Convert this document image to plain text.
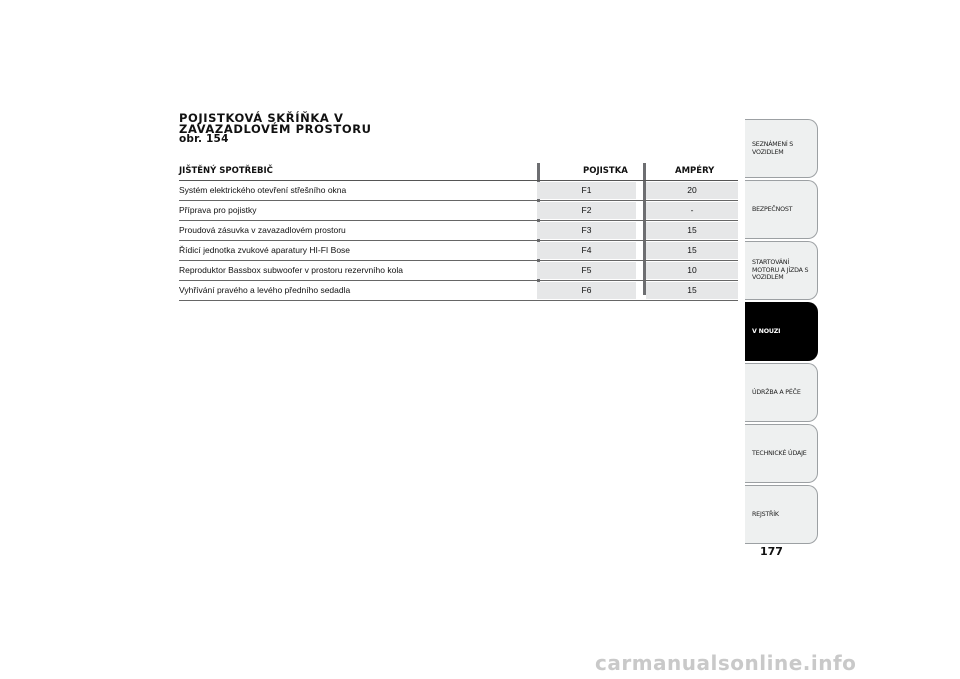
POJISTKOVÁ SKŘÍŇKA V
ZAVAZADLOVÉM PROSTORU
obr. 154
JIŠTĚNÝ SPOTŘEBIČ	POJISTKA	AMPÉRY
Systém elektrického otevření střešního okna	F1	20
Příprava pro pojistky	F2	-
Proudová zásuvka v zavazadlovém prostoru	F3	15
Řídicí jednotka zvukové aparatury HI-FI Bose	F4	15
Reproduktor Bassbox subwoofer v prostoru rezervního kola	F5	10
Vyhřívání pravého a levého předního sedadla	F6	15
SEZNÁMENÍ S VOZIDLEM
BEZPEČNOST
STARTOVÁNÍ MOTORU A JÍZDA S VOZIDLEM
V NOUZI
ÚDRŽBA A PÉČE
TECHNICKÉ ÚDAJE
REJSTŘÍK
177
carmanualsonline.info
